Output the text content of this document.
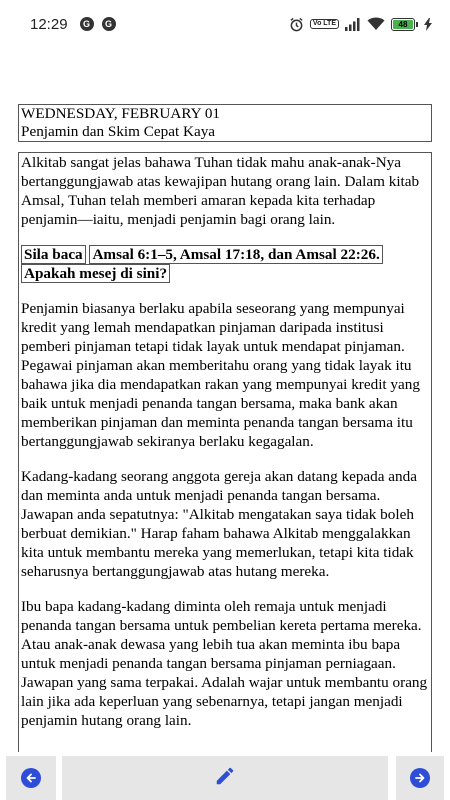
12:29	G	G	Vo LTE	48
WEDNESDAY, FEBRUARY 01
Penjamin dan Skim Cepat Kaya

Alkitab sangat jelas bahawa Tuhan tidak mahu anak-anak-Nya bertanggungjawab atas kewajipan hutang orang lain. Dalam kitab Amsal, Tuhan telah memberi amaran kepada kita terhadap penjamin—iaitu, menjadi penjamin bagi orang lain.

Sila baca Amsal 6:1–5, Amsal 17:18, dan Amsal 22:26. Apakah mesej di sini?

Penjamin biasanya berlaku apabila seseorang yang mempunyai kredit yang lemah mendapatkan pinjaman daripada institusi pemberi pinjaman tetapi tidak layak untuk mendapat pinjaman. Pegawai pinjaman akan memberitahu orang yang tidak layak itu bahawa jika dia mendapatkan rakan yang mempunyai kredit yang baik untuk menjadi penanda tangan bersama, maka bank akan memberikan pinjaman dan meminta penanda tangan bersama itu bertanggungjawab sekiranya berlaku kegagalan.

Kadang-kadang seorang anggota gereja akan datang kepada anda dan meminta anda untuk menjadi penanda tangan bersama. Jawapan anda sepatutnya: "Alkitab mengatakan saya tidak boleh berbuat demikian." Harap faham bahawa Alkitab menggalakkan kita untuk membantu mereka yang memerlukan, tetapi kita tidak seharusnya bertanggungjawab atas hutang mereka.

Ibu bapa kadang-kadang diminta oleh remaja untuk menjadi penanda tangan bersama untuk pembelian kereta pertama mereka. Atau anak-anak dewasa yang lebih tua akan meminta ibu bapa untuk menjadi penanda tangan bersama pinjaman perniagaan. Jawapan yang sama terpakai. Adalah wajar untuk membantu orang lain jika ada keperluan yang sebenarnya, tetapi jangan menjadi penjamin hutang orang lain.
